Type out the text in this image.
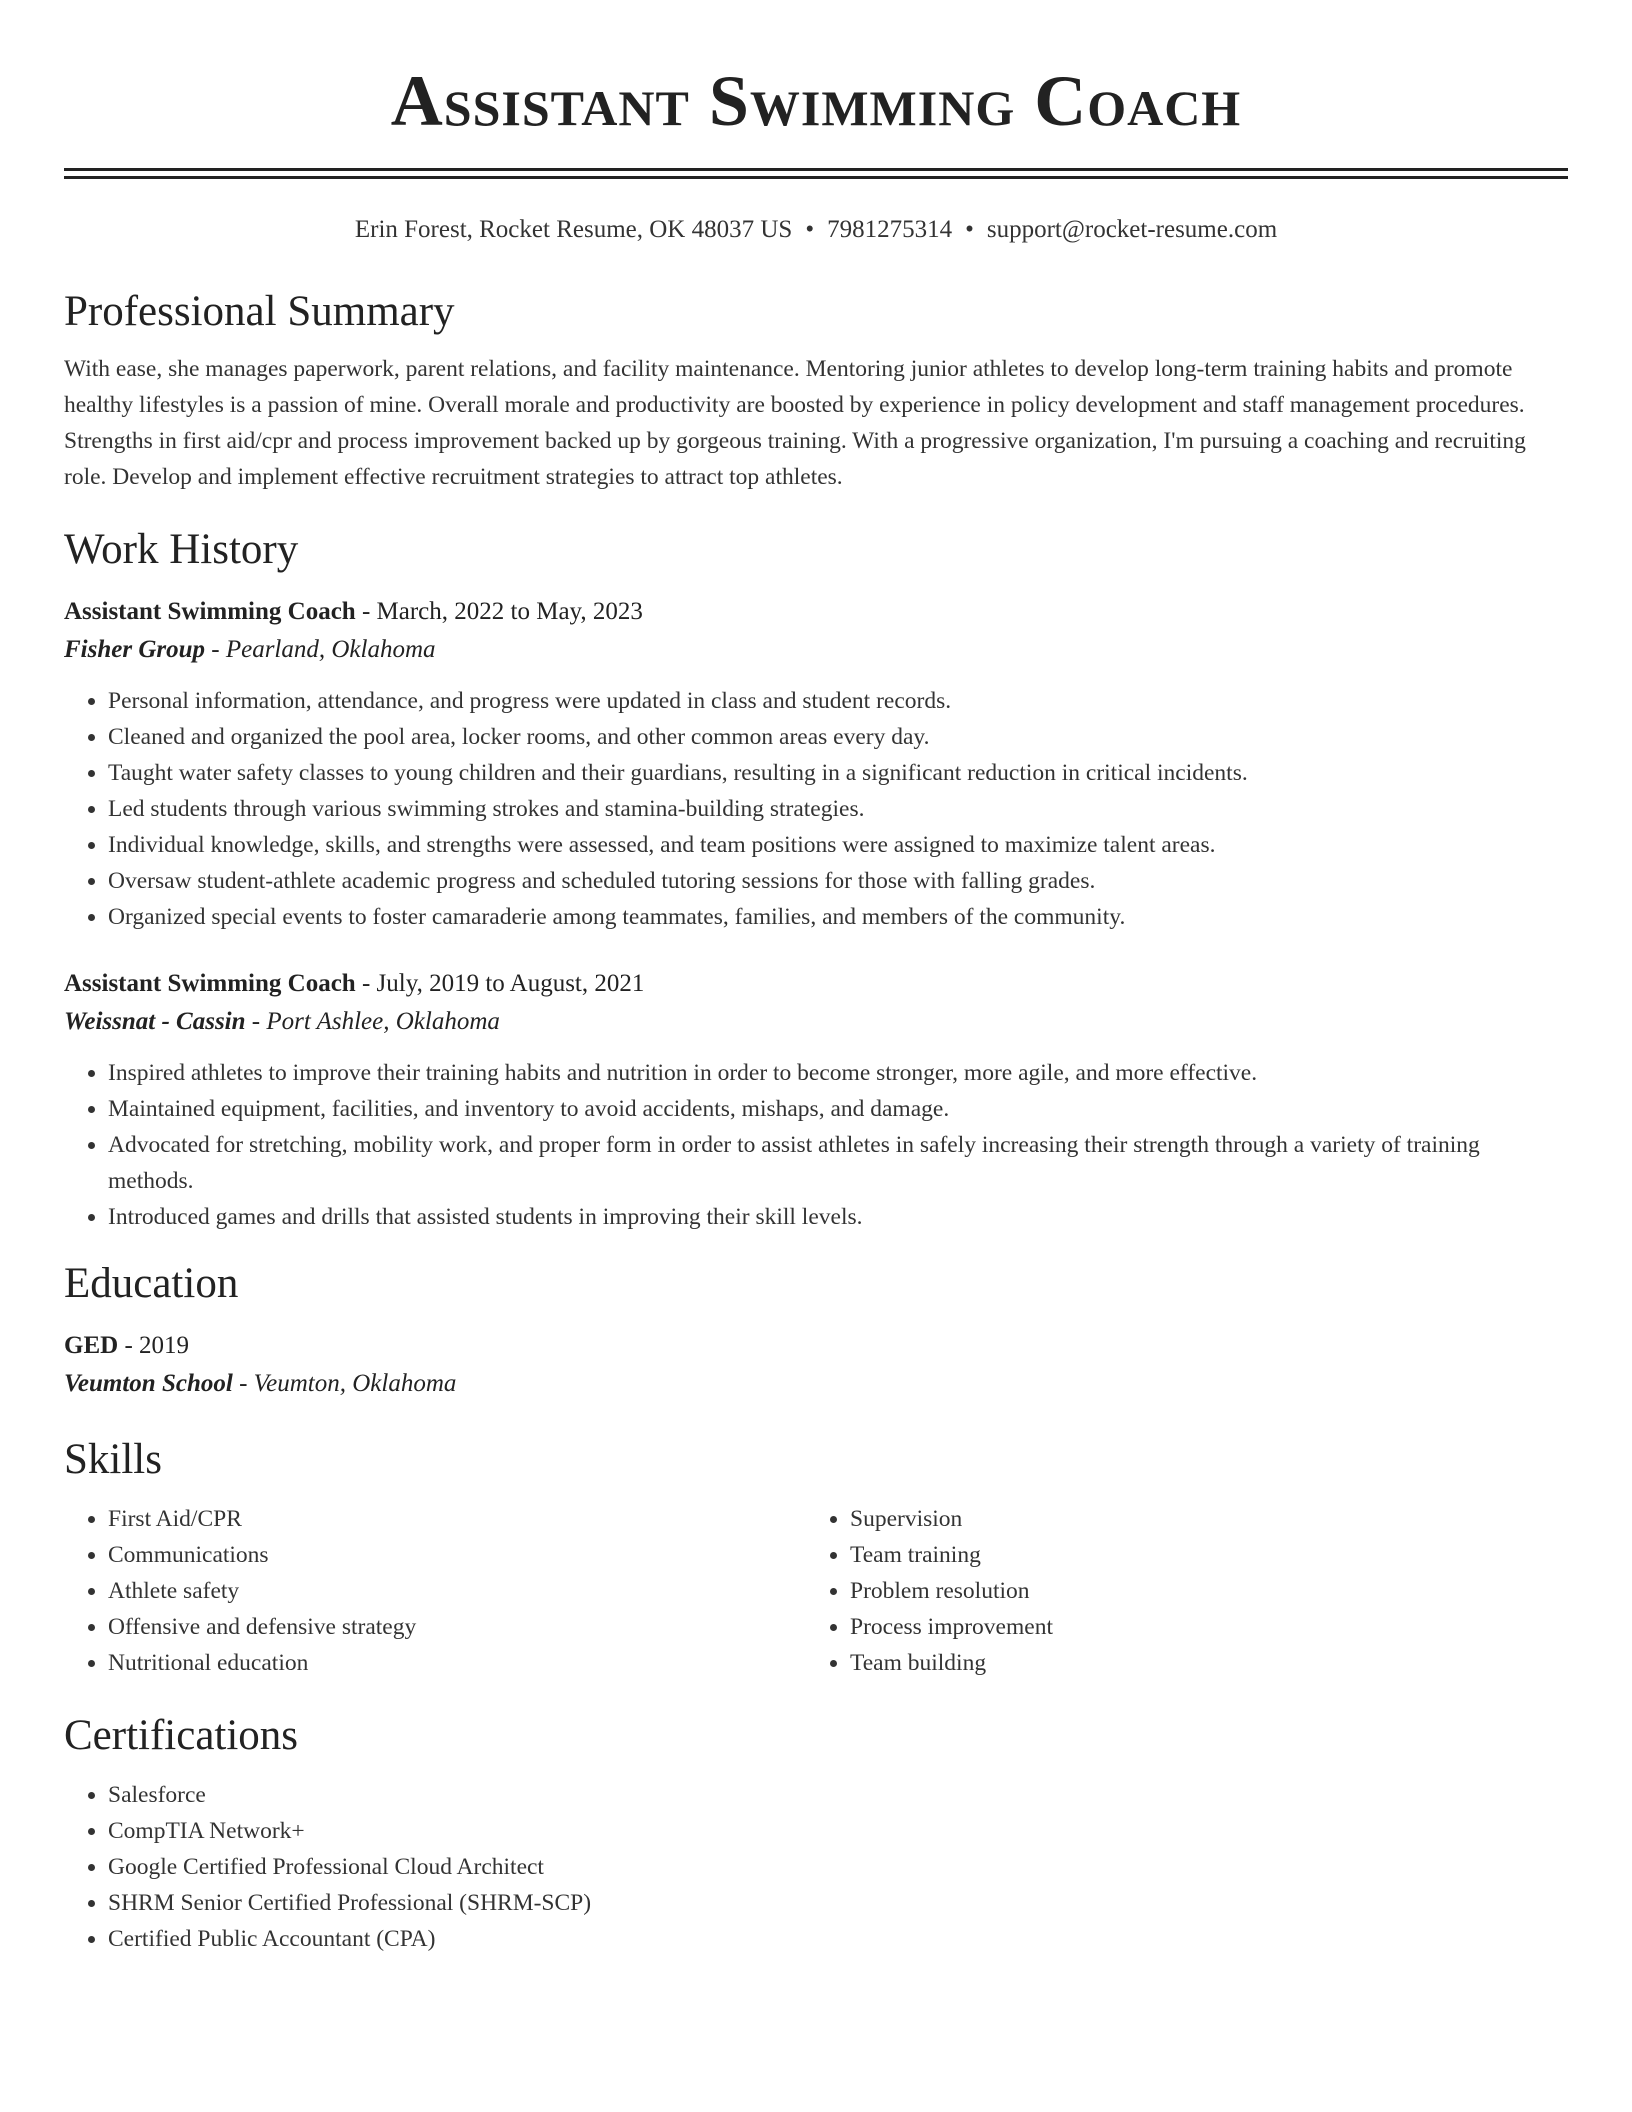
Assistant Swimming Coach
Erin Forest, Rocket Resume, OK 48037 US • 7981275314 • support@rocket-resume.com
Professional Summary

With ease, she manages paperwork, parent relations, and facility maintenance. Mentoring junior athletes to develop long-term training habits and promote healthy lifestyles is a passion of mine. Overall morale and productivity are boosted by experience in policy development and staff management procedures. Strengths in first aid/cpr and process improvement backed up by gorgeous training. With a progressive organization, I'm pursuing a coaching and recruiting role. Develop and implement effective recruitment strategies to attract top athletes.

Work History
Assistant Swimming Coach - March, 2022 to May, 2023
Fisher Group - Pearland, Oklahoma
• Personal information, attendance, and progress were updated in class and student records.
• Cleaned and organized the pool area, locker rooms, and other common areas every day.
• Taught water safety classes to young children and their guardians, resulting in a significant reduction in critical incidents.
• Led students through various swimming strokes and stamina-building strategies.
• Individual knowledge, skills, and strengths were assessed, and team positions were assigned to maximize talent areas.
• Oversaw student-athlete academic progress and scheduled tutoring sessions for those with falling grades.
• Organized special events to foster camaraderie among teammates, families, and members of the community.
Assistant Swimming Coach - July, 2019 to August, 2021
Weissnat - Cassin - Port Ashlee, Oklahoma
• Inspired athletes to improve their training habits and nutrition in order to become stronger, more agile, and more effective.
• Maintained equipment, facilities, and inventory to avoid accidents, mishaps, and damage.
• Advocated for stretching, mobility work, and proper form in order to assist athletes in safely increasing their strength through a variety of training methods.
• Introduced games and drills that assisted students in improving their skill levels.
Education
GED - 2019
Veumton School - Veumton, Oklahoma
Skills
• First Aid/CPR
• Communications
• Athlete safety
• Offensive and defensive strategy
• Nutritional education
• Supervision
• Team training
• Problem resolution
• Process improvement
• Team building
Certifications
• Salesforce
• CompTIA Network+
• Google Certified Professional Cloud Architect
• SHRM Senior Certified Professional (SHRM-SCP)
• Certified Public Accountant (CPA)
